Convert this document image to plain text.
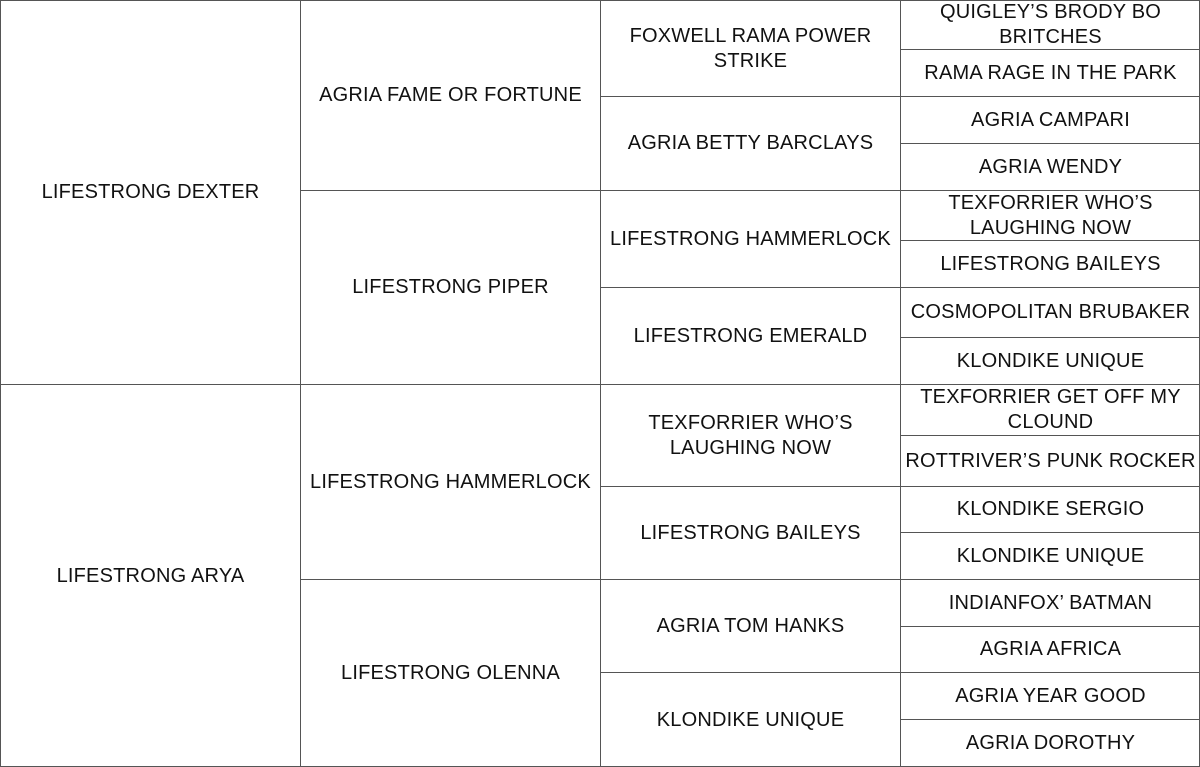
LIFESTRONG DEXTER
LIFESTRONG ARYA
AGRIA FAME OR FORTUNE
LIFESTRONG PIPER
LIFESTRONG HAMMERLOCK
LIFESTRONG OLENNA
FOXWELL RAMA POWER STRIKE
AGRIA BETTY BARCLAYS
LIFESTRONG HAMMERLOCK
LIFESTRONG EMERALD
TEXFORRIER WHO’S LAUGHING NOW
LIFESTRONG BAILEYS
AGRIA TOM HANKS
KLONDIKE UNIQUE
QUIGLEY’S BRODY BO BRITCHES
RAMA RAGE IN THE PARK
AGRIA CAMPARI
AGRIA WENDY
TEXFORRIER WHO’S LAUGHING NOW
LIFESTRONG BAILEYS
COSMOPOLITAN BRUBAKER
KLONDIKE UNIQUE
TEXFORRIER GET OFF MY CLOUND
ROTTRIVER’S PUNK ROCKER
KLONDIKE SERGIO
KLONDIKE UNIQUE
INDIANFOX’ BATMAN
AGRIA AFRICA
AGRIA YEAR GOOD
AGRIA DOROTHY
